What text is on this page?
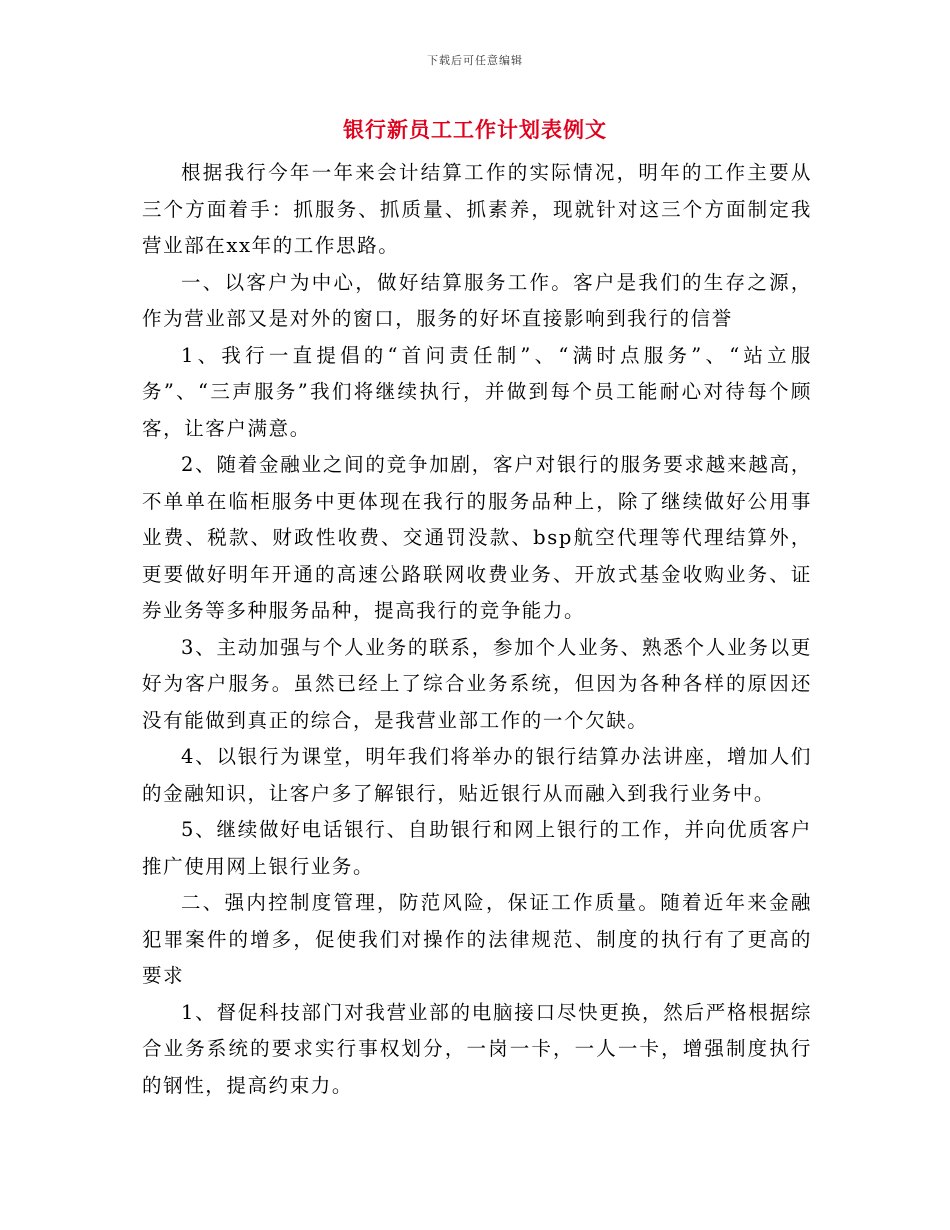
下载后可任意编辑
银行新员工工作计划表例文

根据我行今年一年来会计结算工作的实际情况，明年的工作主要从三个方面着手：抓服务、抓质量、抓素养，现就针对这三个方面制定我营业部在xx年的工作思路。

一、以客户为中心，做好结算服务工作。客户是我们的生存之源，作为营业部又是对外的窗口，服务的好坏直接影响到我行的信誉

1、我行一直提倡的“首问责任制”、“满时点服务”、“站立服务”、“三声服务”我们将继续执行，并做到每个员工能耐心对待每个顾客，让客户满意。

2、随着金融业之间的竞争加剧，客户对银行的服务要求越来越高，不单单在临柜服务中更体现在我行的服务品种上，除了继续做好公用事业费、税款、财政性收费、交通罚没款、bsp航空代理等代理结算外，更要做好明年开通的高速公路联网收费业务、开放式基金收购业务、证券业务等多种服务品种，提高我行的竞争能力。

3、主动加强与个人业务的联系，参加个人业务、熟悉个人业务以更好为客户服务。虽然已经上了综合业务系统，但因为各种各样的原因还没有能做到真正的综合，是我营业部工作的一个欠缺。

4、以银行为课堂，明年我们将举办的银行结算办法讲座，增加人们的金融知识，让客户多了解银行，贴近银行从而融入到我行业务中。

5、继续做好电话银行、自助银行和网上银行的工作，并向优质客户推广使用网上银行业务。

二、强内控制度管理，防范风险，保证工作质量。随着近年来金融犯罪案件的增多，促使我们对操作的法律规范、制度的执行有了更高的要求

1、督促科技部门对我营业部的电脑接口尽快更换，然后严格根据综合业务系统的要求实行事权划分，一岗一卡，一人一卡，增强制度执行的钢性，提高约束力。
